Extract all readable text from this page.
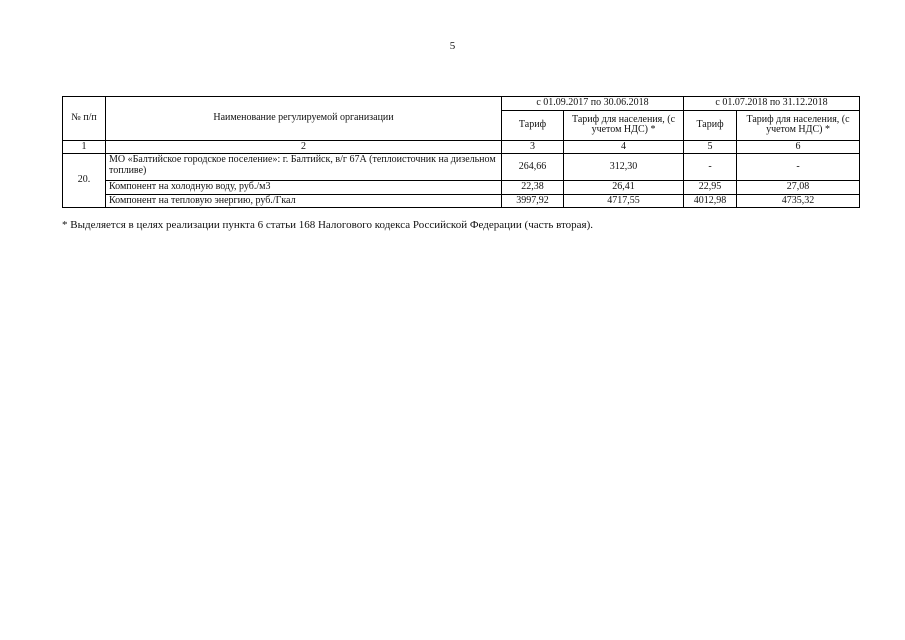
5
№ п/п	Наименование регулируемой организации	с 01.09.2017 по 30.06.2018		с 01.07.2018 по 31.12.2018	
		Тариф	Тариф для населения, (с учетом НДС) *	Тариф	Тариф для населения, (с учетом НДС) *
1	2	3	4	5	6
20.	МО «Балтийское городское поселение»: г. Балтийск, в/г 67А (теплоисточник на дизельном топливе)	264,66	312,30	-	-
	Компонент на холодную воду, руб./м3	22,38	26,41	22,95	27,08
	Компонент на тепловую энергию, руб./Гкал	3997,92	4717,55	4012,98	4735,32
* Выделяется в целях реализации пункта 6 статьи 168 Налогового кодекса Российской Федерации (часть вторая).
